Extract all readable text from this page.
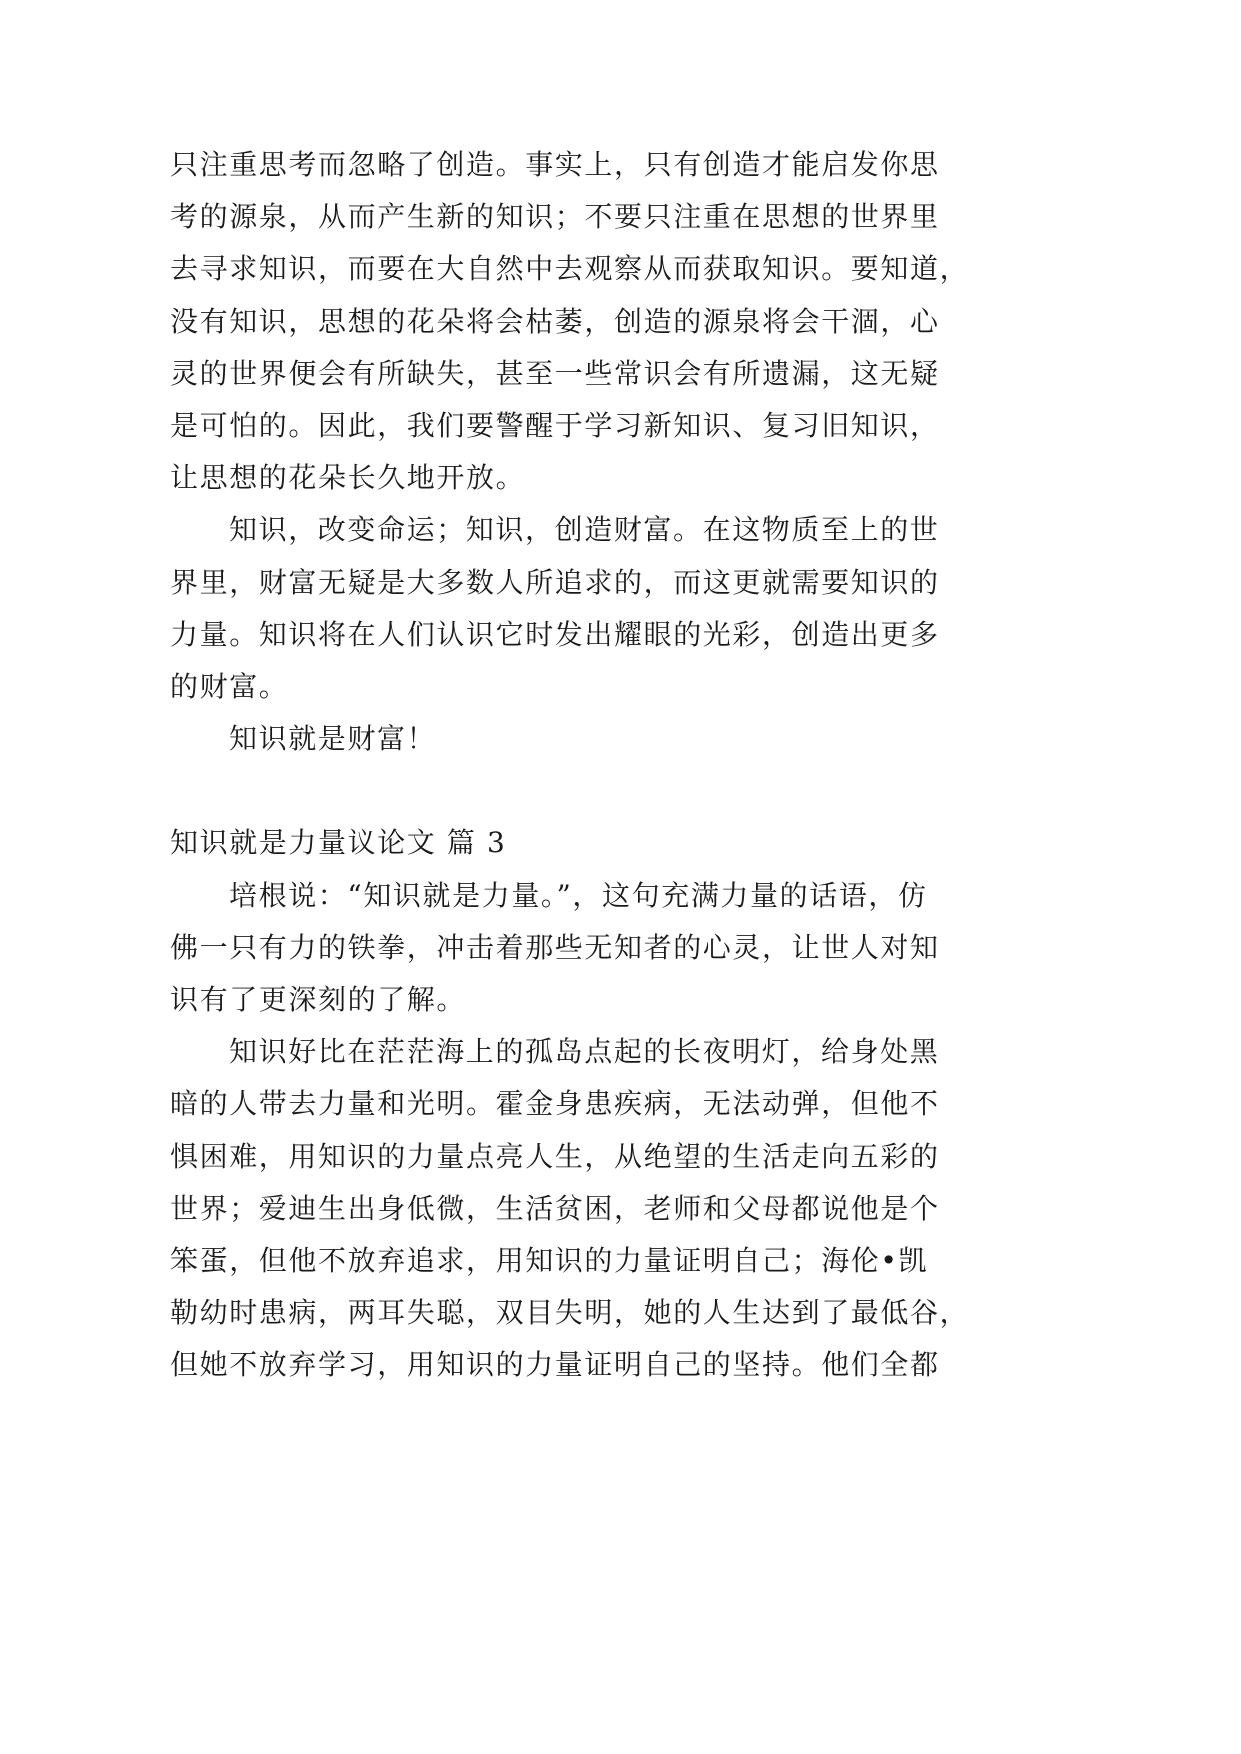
只注重思考而忽略了创造。事实上，只有创造才能启发你思
考的源泉，从而产生新的知识；不要只注重在思想的世界里
去寻求知识，而要在大自然中去观察从而获取知识。要知道，
没有知识，思想的花朵将会枯萎，创造的源泉将会干涸，心
灵的世界便会有所缺失，甚至一些常识会有所遗漏，这无疑
是可怕的。因此，我们要警醒于学习新知识、复习旧知识，
让思想的花朵长久地开放。
知识，改变命运；知识，创造财富。在这物质至上的世
界里，财富无疑是大多数人所追求的，而这更就需要知识的
力量。知识将在人们认识它时发出耀眼的光彩，创造出更多
的财富。
知识就是财富！
知识就是力量议论文 篇 3
培根说：“知识就是力量。”，这句充满力量的话语，仿
佛一只有力的铁拳，冲击着那些无知者的心灵，让世人对知
识有了更深刻的了解。
知识好比在茫茫海上的孤岛点起的长夜明灯，给身处黑
暗的人带去力量和光明。霍金身患疾病，无法动弹，但他不
惧困难，用知识的力量点亮人生，从绝望的生活走向五彩的
世界；爱迪生出身低微，生活贫困，老师和父母都说他是个
笨蛋，但他不放弃追求，用知识的力量证明自己；海伦•凯
勒幼时患病，两耳失聪，双目失明，她的人生达到了最低谷，
但她不放弃学习，用知识的力量证明自己的坚持。他们全都
